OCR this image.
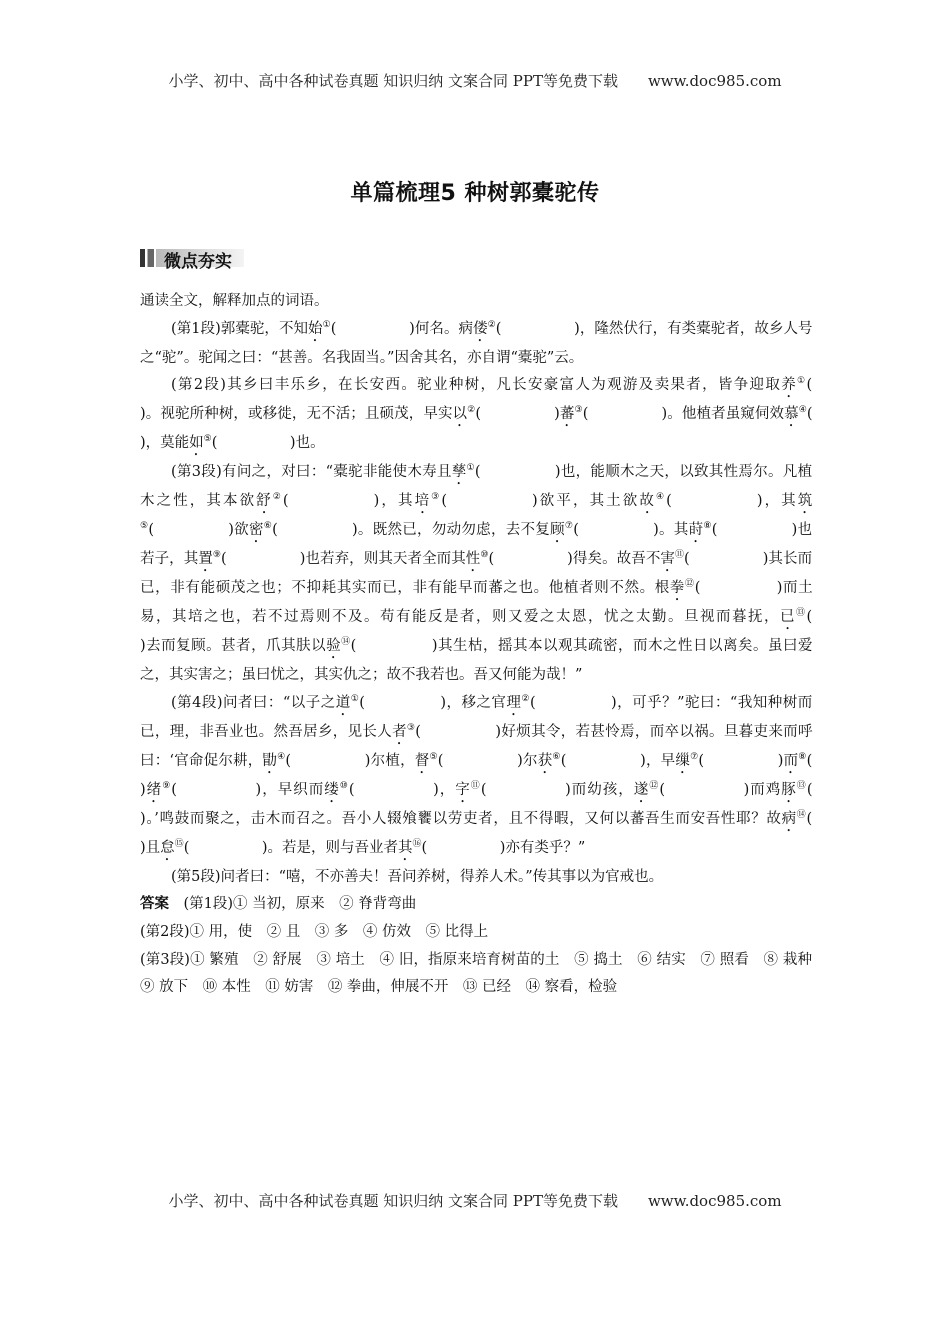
小学、初中、高中各种试卷真题 知识归纳 文案合同 PPT等免费下载 www.doc985.com
单篇梳理5 种树郭橐驼传
微点夯实

通读全文，解释加点的词语。

(第1段)郭橐驼，不知始①(　　　　　	)何名。病偻②(　　　　　	)，隆然伏行，有类橐驼者，故乡人号之“驼”。驼闻之曰：“甚善。名我固当。”因舍其名，亦自谓“橐驼”云。

(第2段)其乡曰丰乐乡，在长安西。驼业种树，凡长安豪富人为观游及卖果者，皆争迎取养①(　　　　　)。视驼所种树，或移徙，无不活；且硕茂，早实以②(　　　　　	)蕃③(　　　　　	)。他植者虽窥伺效慕④(　　　　　)，莫能如⑤(　　　　　	)也。

(第3段)有问之，对曰：“橐驼非能使木寿且孳①(　　　　　	)也，能顺木之天，以致其性焉尔。凡植木之性，其本欲舒②(　　　　　	)，其培③(　　　　　	)欲平，其土欲故④(　　　　　	)，其筑⑤(　　　　　	)欲密⑥(　　　　　	)。既然已，勿动勿虑，去不复顾⑦(　　　　　	)。其莳⑧(　　　　　	)也若子，其置⑨(　　　　　	)也若弃，则其天者全而其性⑩(　　　　　	)得矣。故吾不害⑪(　　　　　	)其长而已，非有能硕茂之也；不抑耗其实而已，非有能早而蕃之也。他植者则不然。根拳⑫(　　　　　	)而土易，其培之也，若不过焉则不及。苟有能反是者，则又爱之太恩，忧之太勤。旦视而暮抚，已⑬(　　　　　)去而复顾。甚者，爪其肤以验⑭(　　　　　	)其生枯，摇其本以观其疏密，而木之性日以离矣。虽曰爱之，其实害之；虽曰忧之，其实仇之；故不我若也。吾又何能为哉！”

(第4段)问者曰：“以子之道①(　　　　　	)，移之官理②(　　　　　	)，可乎？”驼曰：“我知种树而已，理，非吾业也。然吾居乡，见长人者③(　　　　　	)好烦其令，若甚怜焉，而卒以祸。旦暮吏来而呼曰：‘官命促尔耕，勖④(　　　　　	)尔植，督⑤(　　　　　	)尔获⑥(　　　　　	)，早缫⑦(　　　　　	)而⑧(　　　　　)绪⑨(　　　　　	)，早织而缕⑩(　　　　　	)，字⑪(　　　　　	)而幼孩，遂⑫(　　　　　	)而鸡豚⑬(　　　　　)。’鸣鼓而聚之，击木而召之。吾小人辍飧饔以劳吏者，且不得暇，又何以蕃吾生而安吾性耶？故病⑭(　　　　　)且怠⑮(　　　　　	)。若是，则与吾业者其⑯(　　　　　	)亦有类乎？”

(第5段)问者曰：“嘻，不亦善夫！吾问养树，得养人术。”传其事以为官戒也。

答案　 (第1段)① 当初，原来　② 脊背弯曲

(第2段)① 用，使　② 且　③ 多　④ 仿效　⑤ 比得上

(第3段)① 繁殖　② 舒展　③ 培土　④ 旧，指原来培育树苗的土　⑤ 捣土　⑥ 结实　⑦ 照看　⑧ 栽种　⑨ 放下　⑩ 本性　⑪ 妨害　⑫ 拳曲，伸展不开　⑬ 已经　⑭ 察看，检验

小学、初中、高中各种试卷真题 知识归纳 文案合同 PPT等免费下载 www.doc985.com
